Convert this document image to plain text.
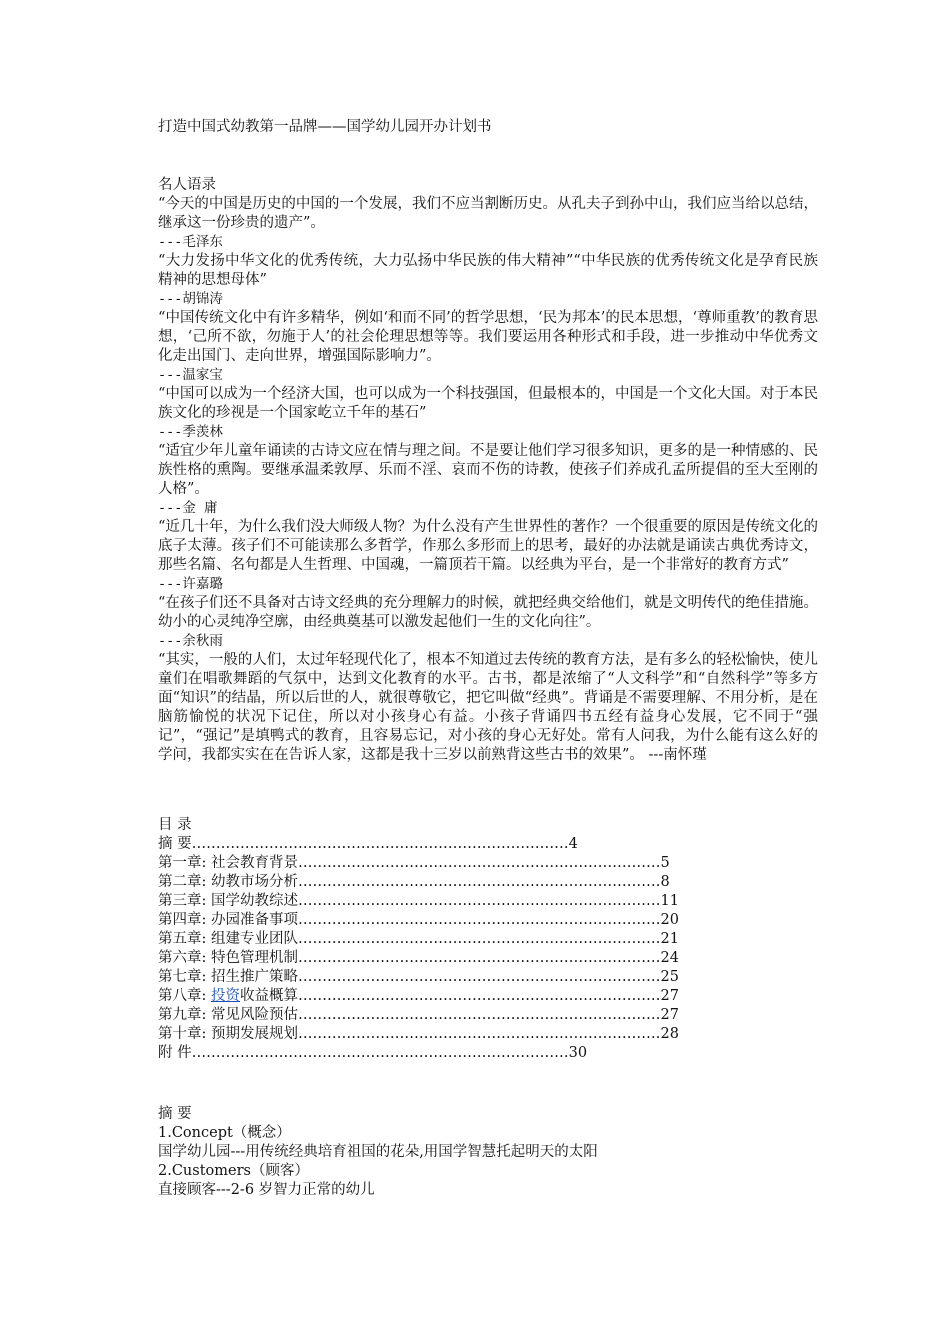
打造中国式幼教第一品牌——国学幼儿园开办计划书

名人语录

“今天的中国是历史的中国的一个发展，我们不应当割断历史。从孔夫子到孙中山，我们应当给以总结，继承这一份珍贵的遗产”。

---毛泽东

“大力发扬中华文化的优秀传统，大力弘扬中华民族的伟大精神”“中华民族的优秀传统文化是孕育民族精神的思想母体”

---胡锦涛

“中国传统文化中有许多精华，例如‘和而不同’的哲学思想，‘民为邦本’的民本思想，‘尊师重教’的教育思想，‘己所不欲，勿施于人’的社会伦理思想等等。我们要运用各种形式和手段，进一步推动中华优秀文化走出国门、走向世界，增强国际影响力”。

---温家宝

“中国可以成为一个经济大国，也可以成为一个科技强国，但最根本的，中国是一个文化大国。对于本民族文化的珍视是一个国家屹立千年的基石”

---季羡林

“适宜少年儿童年诵读的古诗文应在情与理之间。不是要让他们学习很多知识，更多的是一种情感的、民族性格的熏陶。要继承温柔敦厚、乐而不淫、哀而不伤的诗教，使孩子们养成孔孟所提倡的至大至刚的人格”。

---金 庸

“近几十年，为什么我们没大师级人物？为什么没有产生世界性的著作？一个很重要的原因是传统文化的底子太薄。孩子们不可能读那么多哲学，作那么多形而上的思考，最好的办法就是诵读古典优秀诗文，那些名篇、名句都是人生哲理、中国魂，一篇顶若干篇。以经典为平台，是一个非常好的教育方式”

---许嘉璐

“在孩子们还不具备对古诗文经典的充分理解力的时候，就把经典交给他们，就是文明传代的绝佳措施。幼小的心灵纯净空廓，由经典奠基可以激发起他们一生的文化向往”。

---余秋雨

“其实，一般的人们，太过年轻现代化了，根本不知道过去传统的教育方法，是有多么的轻松愉快，使儿童们在唱歌舞蹈的气氛中，达到文化教育的水平。古书，都是浓缩了“人文科学”和“自然科学”等多方面“知识”的结晶，所以后世的人，就很尊敬它，把它叫做“经典”。背诵是不需要理解、不用分析，是在脑筋愉悦的状况下记住，所以对小孩身心有益。小孩子背诵四书五经有益身心发展，它不同于“强记”，“强记”是填鸭式的教育，且容易忘记，对小孩的身心无好处。常有人问我，为什么能有这么好的学问，我都实实在在告诉人家，这都是我十三岁以前熟背这些古书的效果”。 ---南怀瑾

目 录

摘 要……………………………………………………………………4

第一章: 社会教育背景…………………………………………………………………5

第二章: 幼教市场分析…………………………………………………………………8

第三章: 国学幼教综述…………………………………………………………………11

第四章: 办园准备事项…………………………………………………………………20

第五章: 组建专业团队…………………………………………………………………21

第六章: 特色管理机制…………………………………………………………………24

第七章: 招生推广策略…………………………………………………………………25

第八章: 投资收益概算…………………………………………………………………27

第九章: 常见风险预估…………………………………………………………………27

第十章: 预期发展规划…………………………………………………………………28

附 件……………………………………………………………………30

摘 要

1.Concept（概念）

国学幼儿园---用传统经典培育祖国的花朵,用国学智慧托起明天的太阳

2.Customers（顾客）

直接顾客---2-6 岁智力正常的幼儿
